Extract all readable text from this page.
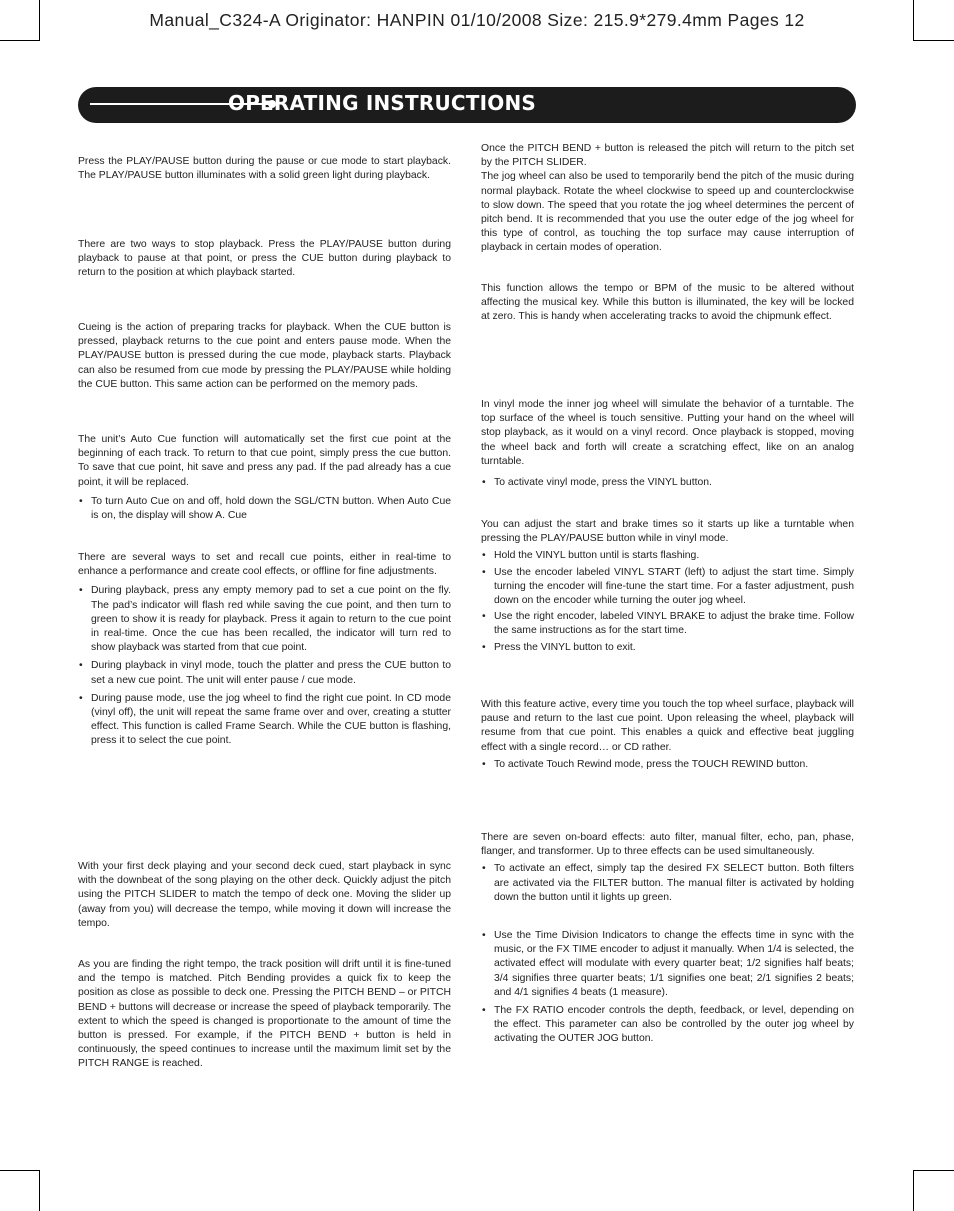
Manual_C324-A Originator: HANPIN 01/10/2008 Size: 215.9*279.4mm Pages 12
OPERATING INSTRUCTIONS

Press the PLAY/PAUSE button during the pause or cue mode to start playback. The PLAY/PAUSE button illuminates with a solid green light during playback.

There are two ways to stop playback. Press the PLAY/PAUSE button during playback to pause at that point, or press the CUE button during playback to return to the position at which playback started.

Cueing is the action of preparing tracks for playback. When the CUE button is pressed, playback returns to the cue point and enters pause mode. When the PLAY/PAUSE button is pressed during the cue mode, playback starts. Playback can also be resumed from cue mode by pressing the PLAY/PAUSE while holding the CUE button. This same action can be performed on the memory pads.

The unit’s Auto Cue function will automatically set the first cue point at the beginning of each track. To return to that cue point, simply press the cue button. To save that cue point, hit save and press any pad. If the pad already has a cue point, it will be replaced.

• To turn Auto Cue on and off, hold down the SGL/CTN button. When Auto Cue is on, the display will show A. Cue

There are several ways to set and recall cue points, either in real-time to enhance a performance and create cool effects, or offline for fine adjustments.

• During playback, press any empty memory pad to set a cue point on the fly. The pad’s indicator will flash red while saving the cue point, and then turn to green to show it is ready for playback. Press it again to return to the cue point in real-time. Once the cue has been recalled, the indicator will turn red to show playback was started from that cue point.
• During playback in vinyl mode, touch the platter and press the CUE button to set a new cue point. The unit will enter pause / cue mode.
• During pause mode, use the jog wheel to find the right cue point. In CD mode (vinyl off), the unit will repeat the same frame over and over, creating a stutter effect. This function is called Frame Search. While the CUE button is flashing, press it to select the cue point.

With your first deck playing and your second deck cued, start playback in sync with the downbeat of the song playing on the other deck. Quickly adjust the pitch using the PITCH SLIDER to match the tempo of deck one. Moving the slider up (away from you) will decrease the tempo, while moving it down will increase the tempo.

As you are finding the right tempo, the track position will drift until it is fine-tuned and the tempo is matched. Pitch Bending provides a quick fix to keep the position as close as possible to deck one. Pressing the PITCH BEND – or PITCH BEND + buttons will decrease or increase the speed of playback temporarily. The extent to which the speed is changed is proportionate to the amount of time the button is pressed. For example, if the PITCH BEND + button is held in continuously, the speed continues to increase until the maximum limit set by the PITCH RANGE is reached.

Once the PITCH BEND + button is released the pitch will return to the pitch set by the PITCH SLIDER.

The jog wheel can also be used to temporarily bend the pitch of the music during normal playback. Rotate the wheel clockwise to speed up and counterclockwise to slow down. The speed that you rotate the jog wheel determines the percent of pitch bend. It is recommended that you use the outer edge of the jog wheel for this type of control, as touching the top surface may cause interruption of playback in certain modes of operation.

This function allows the tempo or BPM of the music to be altered without affecting the musical key. While this button is illuminated, the key will be locked at zero. This is handy when accelerating tracks to avoid the chipmunk effect.

In vinyl mode the inner jog wheel will simulate the behavior of a turntable. The top surface of the wheel is touch sensitive. Putting your hand on the wheel will stop playback, as it would on a vinyl record. Once playback is stopped, moving the wheel back and forth will create a scratching effect, like on an analog turntable.

• To activate vinyl mode, press the VINYL button.

You can adjust the start and brake times so it starts up like a turntable when pressing the PLAY/PAUSE button while in vinyl mode.

• Hold the VINYL button until is starts flashing.
• Use the encoder labeled VINYL START (left) to adjust the start time. Simply turning the encoder will fine-tune the start time. For a faster adjustment, push down on the encoder while turning the outer jog wheel.
• Use the right encoder, labeled VINYL BRAKE to adjust the brake time. Follow the same instructions as for the start time.
• Press the VINYL button to exit.

With this feature active, every time you touch the top wheel surface, playback will pause and return to the last cue point. Upon releasing the wheel, playback will resume from that cue point. This enables a quick and effective beat juggling effect with a single record… or CD rather.

• To activate Touch Rewind mode, press the TOUCH REWIND button.

There are seven on-board effects: auto filter, manual filter, echo, pan, phase, flanger, and transformer. Up to three effects can be used simultaneously.

• To activate an effect, simply tap the desired FX SELECT button. Both filters are activated via the FILTER button. The manual filter is activated by holding down the button until it lights up green.
• Use the Time Division Indicators to change the effects time in sync with the music, or the FX TIME encoder to adjust it manually. When 1/4 is selected, the activated effect will modulate with every quarter beat; 1/2 signifies half beats; 3/4 signifies three quarter beats; 1/1 signifies one beat; 2/1 signifies 2 beats; and 4/1 signifies 4 beats (1 measure).
• The FX RATIO encoder controls the depth, feedback, or level, depending on the effect. This parameter can also be controlled by the outer jog wheel by activating the OUTER JOG button.
